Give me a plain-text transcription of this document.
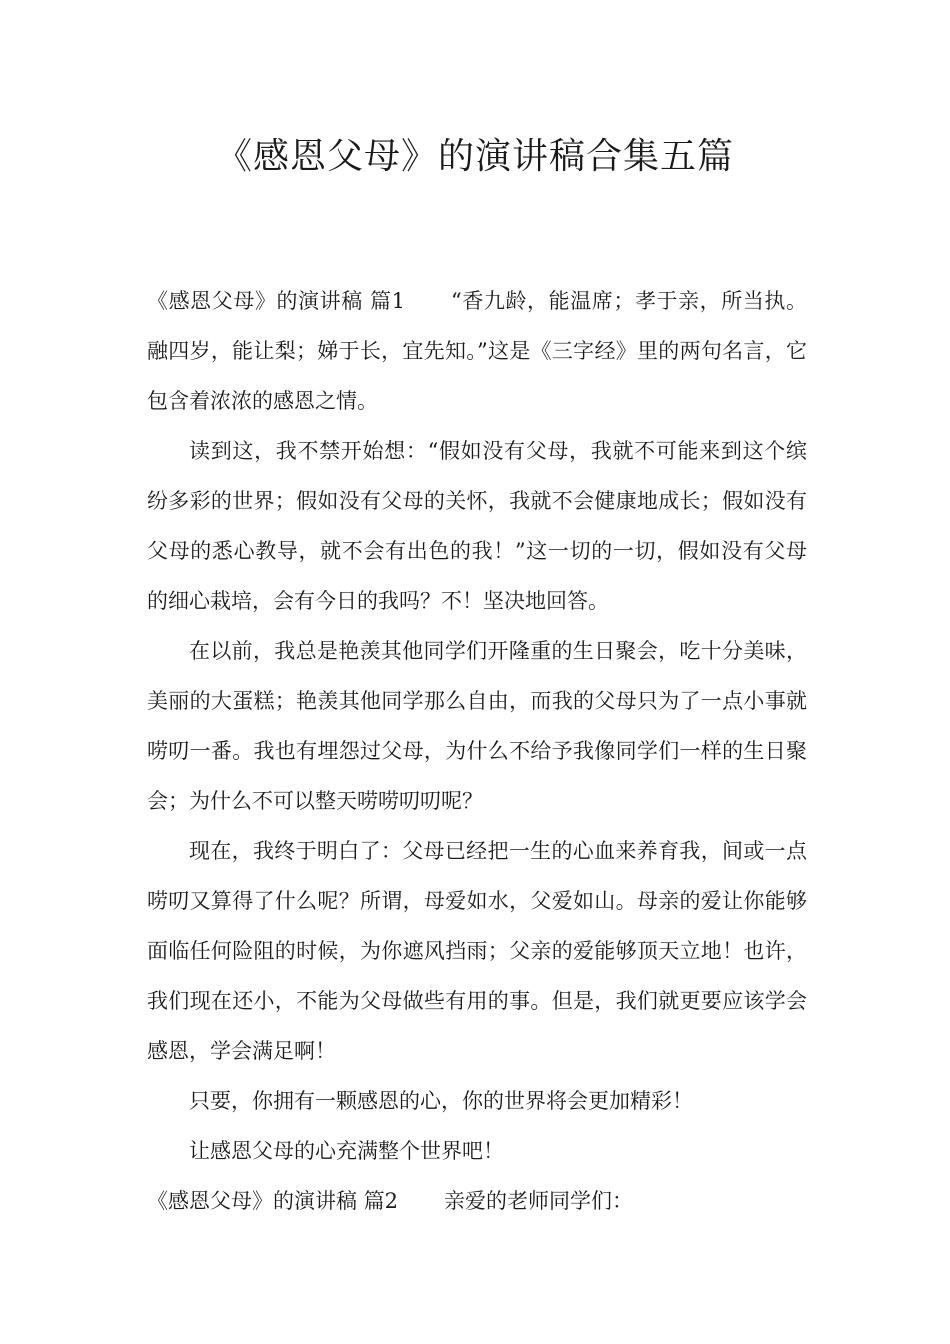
《感恩父母》的演讲稿合集五篇

《感恩父母》的演讲稿 篇1 “香九龄，能温席；孝于亲，所当执。融四岁，能让梨；娣于长，宜先知。”这是《三字经》里的两句名言，它包含着浓浓的感恩之情。

读到这，我不禁开始想：“假如没有父母，我就不可能来到这个缤纷多彩的世界；假如没有父母的关怀，我就不会健康地成长；假如没有父母的悉心教导，就不会有出色的我！”这一切的一切，假如没有父母的细心栽培，会有今日的我吗？不！坚决地回答。

在以前，我总是艳羡其他同学们开隆重的生日聚会，吃十分美味，美丽的大蛋糕；艳羡其他同学那么自由，而我的父母只为了一点小事就唠叨一番。我也有埋怨过父母，为什么不给予我像同学们一样的生日聚会；为什么不可以整天唠唠叨叨呢？

现在，我终于明白了：父母已经把一生的心血来养育我，间或一点唠叨又算得了什么呢？所谓，母爱如水，父爱如山。母亲的爱让你能够面临任何险阻的时候，为你遮风挡雨；父亲的爱能够顶天立地！也许，我们现在还小，不能为父母做些有用的事。但是，我们就更要应该学会感恩，学会满足啊！

只要，你拥有一颗感恩的心，你的世界将会更加精彩！

让感恩父母的心充满整个世界吧！

《感恩父母》的演讲稿 篇2 亲爱的老师同学们：
